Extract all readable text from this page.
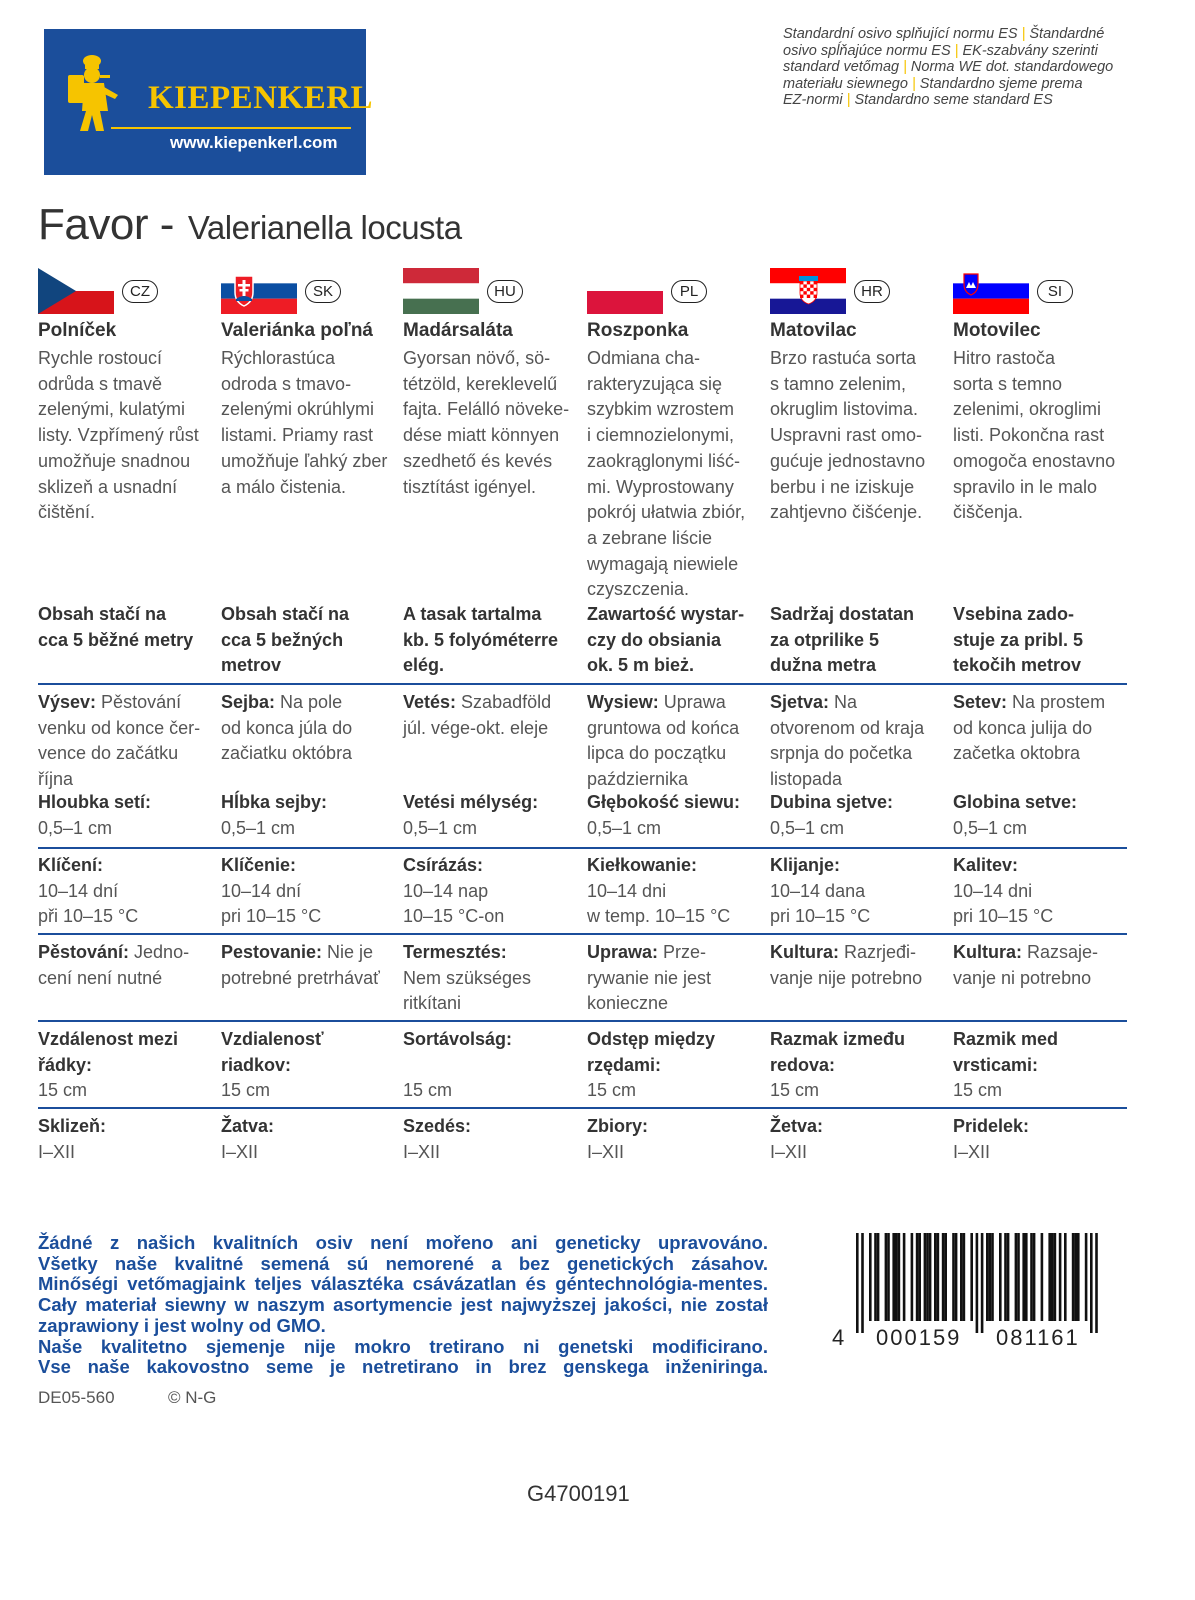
KIEPENKERL
www.kiepenkerl.com
Standardní osivo splňující normu ES | Štandardné
osivo spĺňajúce normu ES | EK-szabvány szerinti
standard vetőmag | Norma WE dot. standardowego
materiału siewnego | Standardno sjeme prema
EZ-normi | Standardno seme standard ES
Favor - Valerianella locusta
CZ
Polníček
Rychle rostoucí
odrůda s tmavě
zelenými, kulatými
listy. Vzpřímený růst
umožňuje snadnou
sklizeň a usnadní
čištění.
Obsah stačí na
cca 5 běžné metry
Výsev: Pěstování
venku od konce čer-
vence do začátku
října
Hloubka setí:
0,5–1 cm
Klíčení:
10–14 dní
při 10–15 °C
Pěstování: Jedno-
cení není nutné
Vzdálenost mezi
řádky:
15 cm
Sklizeň:
I–XII
SK
Valeriánka poľná
Rýchlorastúca
odroda s tmavo-
zelenými okrúhlymi
listami. Priamy rast
umožňuje ľahký zber
a málo čistenia.
Obsah stačí na
cca 5 bežných
metrov
Sejba: Na pole
od konca júla do
začiatku októbra
Hĺbka sejby:
0,5–1 cm
Klíčenie:
10–14 dní
pri 10–15 °C
Pestovanie: Nie je
potrebné pretrhávať
Vzdialenosť
riadkov:
15 cm
Žatva:
I–XII
HU
Madársaláta
Gyorsan növő, sö-
tétzöld, kereklevelű
fajta. Felálló növeke-
dése miatt könnyen
szedhető és kevés
tisztítást igényel.
A tasak tartalma
kb. 5 folyóméterre
elég.
Vetés: Szabadföld
júl. vége-okt. eleje
Vetési mélység:
0,5–1 cm
Csírázás:
10–14 nap
10–15 °C-on
Termesztés:
Nem szükséges
ritkítani
Sortávolság:
15 cm
Szedés:
I–XII
PL
Roszponka
Odmiana cha-
rakteryzująca się
szybkim wzrostem
i ciemnozielonymi,
zaokrąglonymi liść-
mi. Wyprostowany
pokrój ułatwia zbiór,
a zebrane liście
wymagają niewiele
czyszczenia.
Zawartość wystar-
czy do obsiania
ok. 5 m bież.
Wysiew: Uprawa
gruntowa od końca
lipca do początku
października
Głębokość siewu:
0,5–1 cm
Kiełkowanie:
10–14 dni
w temp. 10–15 °C
Uprawa: Prze-
rywanie nie jest
konieczne
Odstęp między
rzędami:
15 cm
Zbiory:
I–XII
HR
Matovilac
Brzo rastuća sorta
s tamno zelenim,
okruglim listovima.
Uspravni rast omo-
gućuje jednostavno
berbu i ne iziskuje
zahtjevno čišćenje.
Sadržaj dostatan
za otprilike 5
dužna metra
Sjetva: Na
otvorenom od kraja
srpnja do početka
listopada
Dubina sjetve:
0,5–1 cm
Klijanje:
10–14 dana
pri 10–15 °C
Kultura: Razrjeđi-
vanje nije potrebno
Razmak između
redova:
15 cm
Žetva:
I–XII
SI
Motovilec
Hitro rastoča
sorta s temno
zelenimi, okroglimi
listi. Pokončna rast
omogoča enostavno
spravilo in le malo
čiščenja.
Vsebina zado-
stuje za pribl. 5
tekočih metrov
Setev: Na prostem
od konca julija do
začetka oktobra
Globina setve:
0,5–1 cm
Kalitev:
10–14 dni
pri 10–15 °C
Kultura: Razsaje-
vanje ni potrebno
Razmik med
vrsticami:
15 cm
Pridelek:
I–XII
Žádné z našich kvalitních osiv není mořeno ani geneticky upravováno.
Všetky naše kvalitné semená sú nemorené a bez genetických zásahov.
Minőségi vetőmagjaink teljes választéka csávázatlan és géntechnológia-mentes.
Cały materiał siewny w naszym asortymencie jest najwyższej jakości, nie został
zaprawiony i jest wolny od GMO.
Naše kvalitetno sjemenje nije mokro tretirano ni genetski modificirano.
Vse naše kakovostno seme je netretirano in brez genskega inženiringa.
4 000159 081161
DE05-560	© N-G
G4700191
